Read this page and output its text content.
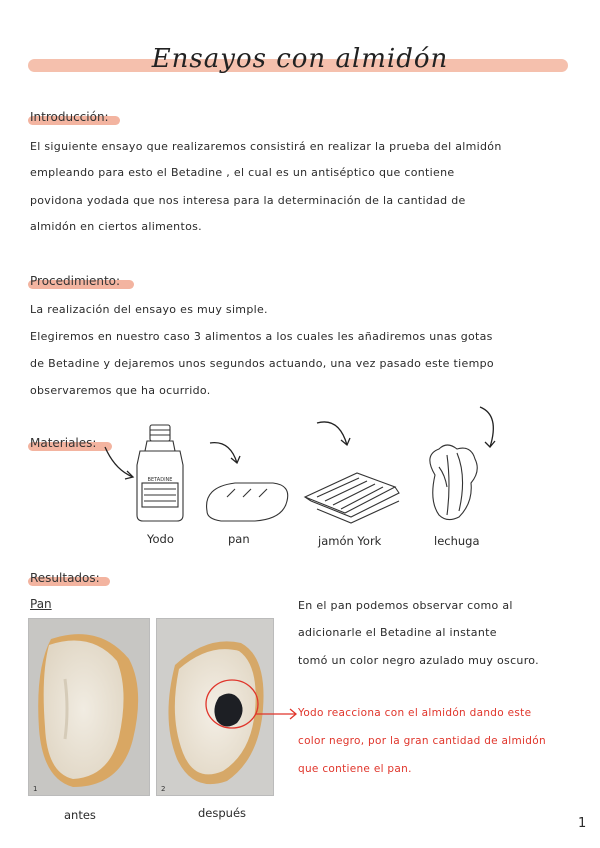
Ensayos con almidón
Introducción:
El siguiente ensayo que realizaremos consistirá en realizar la prueba del almidón
empleando para esto el Betadine , el cual es un antiséptico que contiene
povidona yodada que nos interesa para la determinación de la cantidad de
almidón en ciertos alimentos.
Procedimiento:
La realización del ensayo es muy simple.
Elegiremos en nuestro caso 3 alimentos a los cuales les añadiremos unas gotas
de Betadine y dejaremos unos segundos actuando, una vez pasado este tiempo
observaremos que ha ocurrido.
Materiales:
BETADINE
Yodo	pan	jamón York	lechuga
Resultados:
Pan
1	2
En el pan podemos observar como al
adicionarle el Betadine al instante
tomó un color negro azulado muy oscuro.
Yodo reacciona con el almidón dando este
color negro, por la gran cantidad de almidón
que contiene el pan.
antes	después
1
